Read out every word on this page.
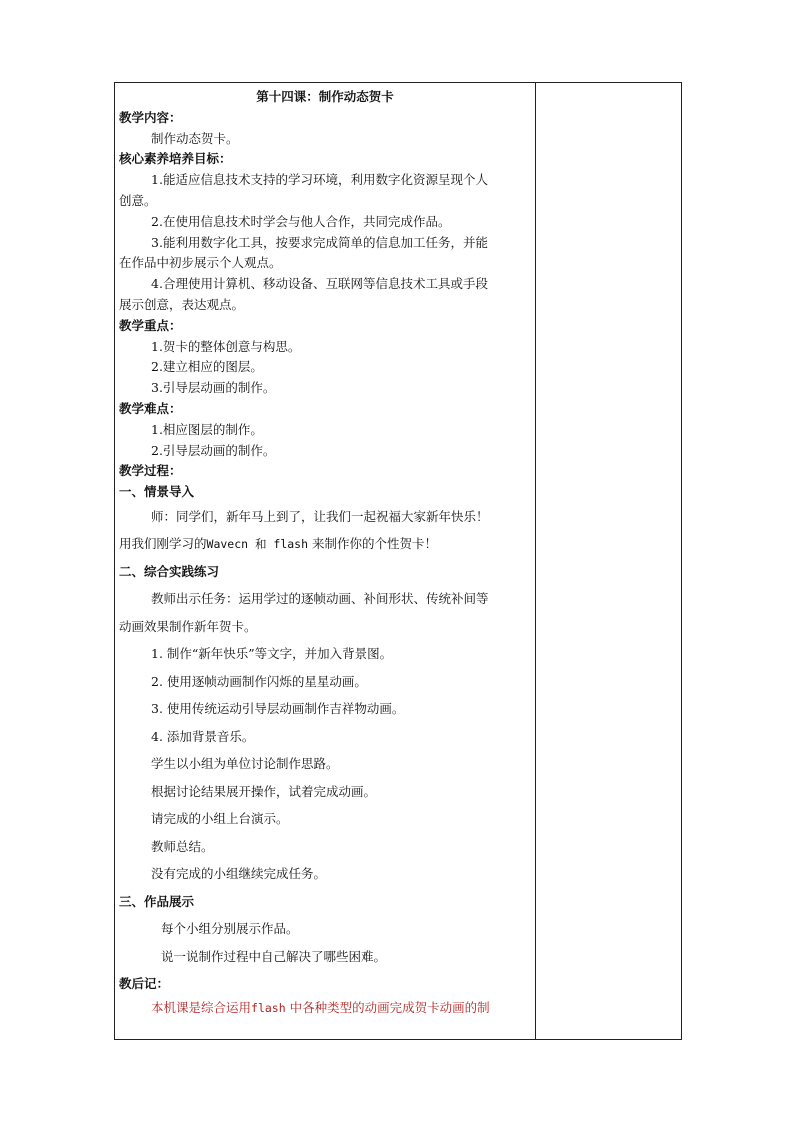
第十四课：制作动态贺卡
教学内容：
制作动态贺卡。
核心素养培养目标：
1.能适应信息技术支持的学习环境，利用数字化资源呈现个人
创意。
2.在使用信息技术时学会与他人合作，共同完成作品。
3.能利用数字化工具，按要求完成简单的信息加工任务，并能
在作品中初步展示个人观点。
4.合理使用计算机、移动设备、互联网等信息技术工具或手段
展示创意，表达观点。
教学重点：
1.贺卡的整体创意与构思。
2.建立相应的图层。
3.引导层动画的制作。
教学难点：
1.相应图层的制作。
2.引导层动画的制作。
教学过程：
一、情景导入
师：同学们，新年马上到了，让我们一起祝福大家新年快乐！
用我们刚学习的Wavecn 和 flash 来制作你的个性贺卡！
二、综合实践练习
教师出示任务：运用学过的逐帧动画、补间形状、传统补间等
动画效果制作新年贺卡。
1. 制作“新年快乐”等文字，并加入背景图。
2. 使用逐帧动画制作闪烁的星星动画。
3. 使用传统运动引导层动画制作吉祥物动画。
4. 添加背景音乐。
学生以小组为单位讨论制作思路。
根据讨论结果展开操作，试着完成动画。
请完成的小组上台演示。
教师总结。
没有完成的小组继续完成任务。
三、作品展示
每个小组分别展示作品。
说一说制作过程中自己解决了哪些困难。
教后记：
本机课是综合运用flash 中各种类型的动画完成贺卡动画的制
